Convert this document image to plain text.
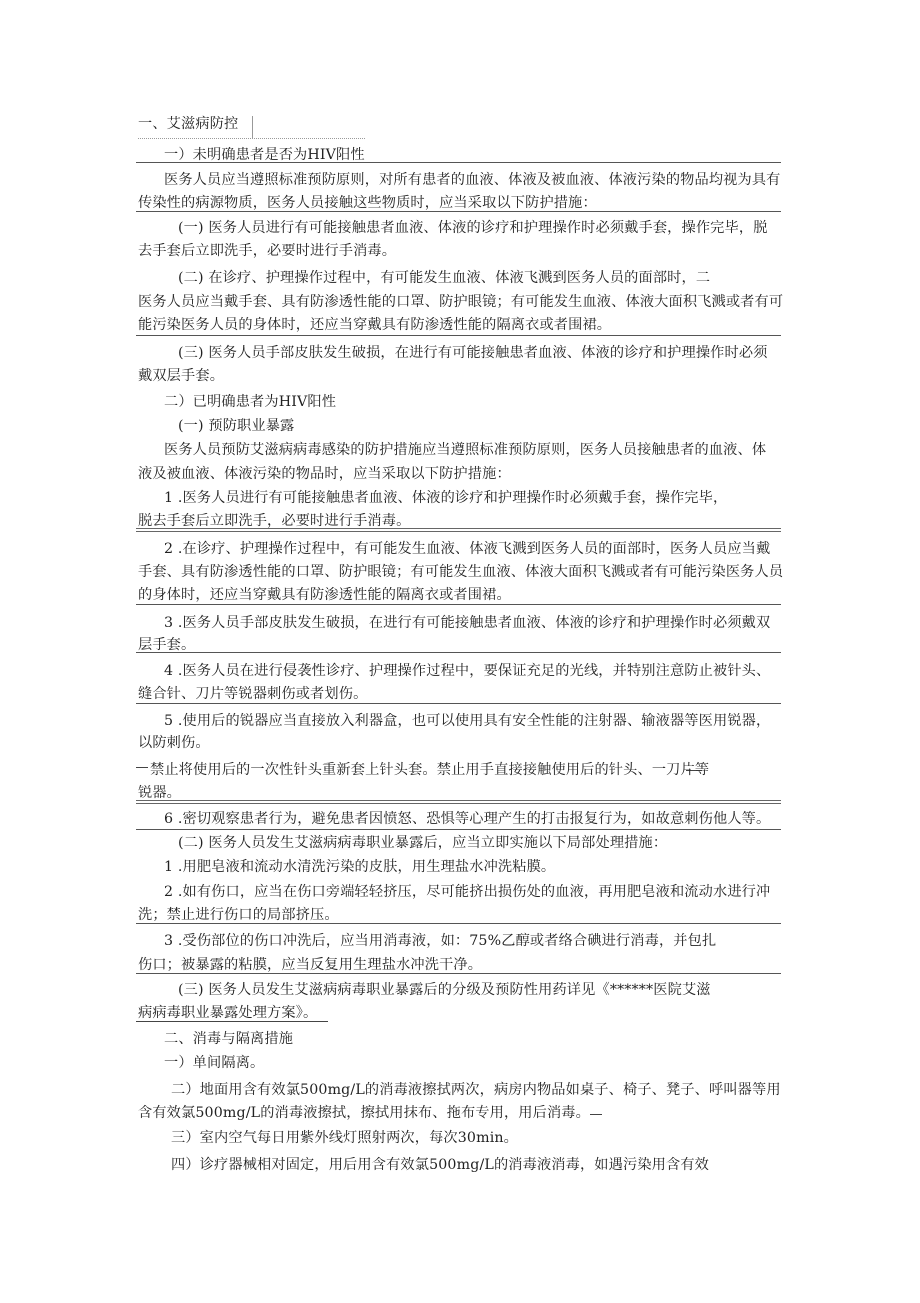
一、艾滋病防控

一）未明确患者是否为HIV阳性

医务人员应当遵照标准预防原则，对所有患者的血液、体液及被血液、体液污染的物品均视为具有

传染性的病源物质，医务人员接触这些物质时，应当采取以下防护措施：

(一) 医务人员进行有可能接触患者血液、体液的诊疗和护理操作时必须戴手套，操作完毕，脱

去手套后立即洗手，必要时进行手消毒。

(二) 在诊疗、护理操作过程中，有可能发生血液、体液飞溅到医务人员的面部时，二

医务人员应当戴手套、具有防渗透性能的口罩、防护眼镜；有可能发生血液、体液大面积飞溅或者有可

能污染医务人员的身体时，还应当穿戴具有防渗透性能的隔离衣或者围裙。

(三) 医务人员手部皮肤发生破损，在进行有可能接触患者血液、体液的诊疗和护理操作时必须

戴双层手套。

二）已明确患者为HIV阳性

(一) 预防职业暴露

医务人员预防艾滋病病毒感染的防护措施应当遵照标准预防原则，医务人员接触患者的血液、体

液及被血液、体液污染的物品时，应当采取以下防护措施：

1 .医务人员进行有可能接触患者血液、体液的诊疗和护理操作时必须戴手套，操作完毕，

脱去手套后立即洗手，必要时进行手消毒。

2 .在诊疗、护理操作过程中，有可能发生血液、体液飞溅到医务人员的面部时，医务人员应当戴

手套、具有防渗透性能的口罩、防护眼镜；有可能发生血液、体液大面积飞溅或者有可能污染医务人员

的身体时，还应当穿戴具有防渗透性能的隔离衣或者围裙。

3 .医务人员手部皮肤发生破损，在进行有可能接触患者血液、体液的诊疗和护理操作时必须戴双

层手套。

4 .医务人员在进行侵袭性诊疗、护理操作过程中，要保证充足的光线，并特别注意防止被针头、

缝合针、刀片等锐器刺伤或者划伤。

5 .使用后的锐器应当直接放入利器盒，也可以使用具有安全性能的注射器、输液器等医用锐器，

以防刺伤。

禁止将使用后的一次性针头重新套上针头套。禁止用手直接接触使用后的针头、一刀片等

锐器。

6 .密切观察患者行为，避免患者因愤怒、恐惧等心理产生的打击报复行为，如故意刺伤他人等。

(二) 医务人员发生艾滋病病毒职业暴露后，应当立即实施以下局部处理措施：

1 .用肥皂液和流动水清洗污染的皮肤，用生理盐水冲洗粘膜。

2 .如有伤口，应当在伤口旁端轻轻挤压，尽可能挤出损伤处的血液，再用肥皂液和流动水进行冲

洗；禁止进行伤口的局部挤压。

3 .受伤部位的伤口冲洗后，应当用消毒液，如：75%乙醇或者络合碘进行消毒，并包扎

伤口；被暴露的粘膜，应当反复用生理盐水冲洗干净。

(三) 医务人员发生艾滋病病毒职业暴露后的分级及预防性用药详见《******医院艾滋

病病毒职业暴露处理方案》。

二、消毒与隔离措施

一）单间隔离。

二）地面用含有效氯500mg/L的消毒液擦拭两次，病房内物品如桌子、椅子、凳子、呼叫器等用

含有效氯500mg/L的消毒液擦拭，擦拭用抹布、拖布专用，用后消毒。

三）室内空气每日用紫外线灯照射两次，每次30min。

四）诊疗器械相对固定，用后用含有效氯500mg/L的消毒液消毒，如遇污染用含有效
